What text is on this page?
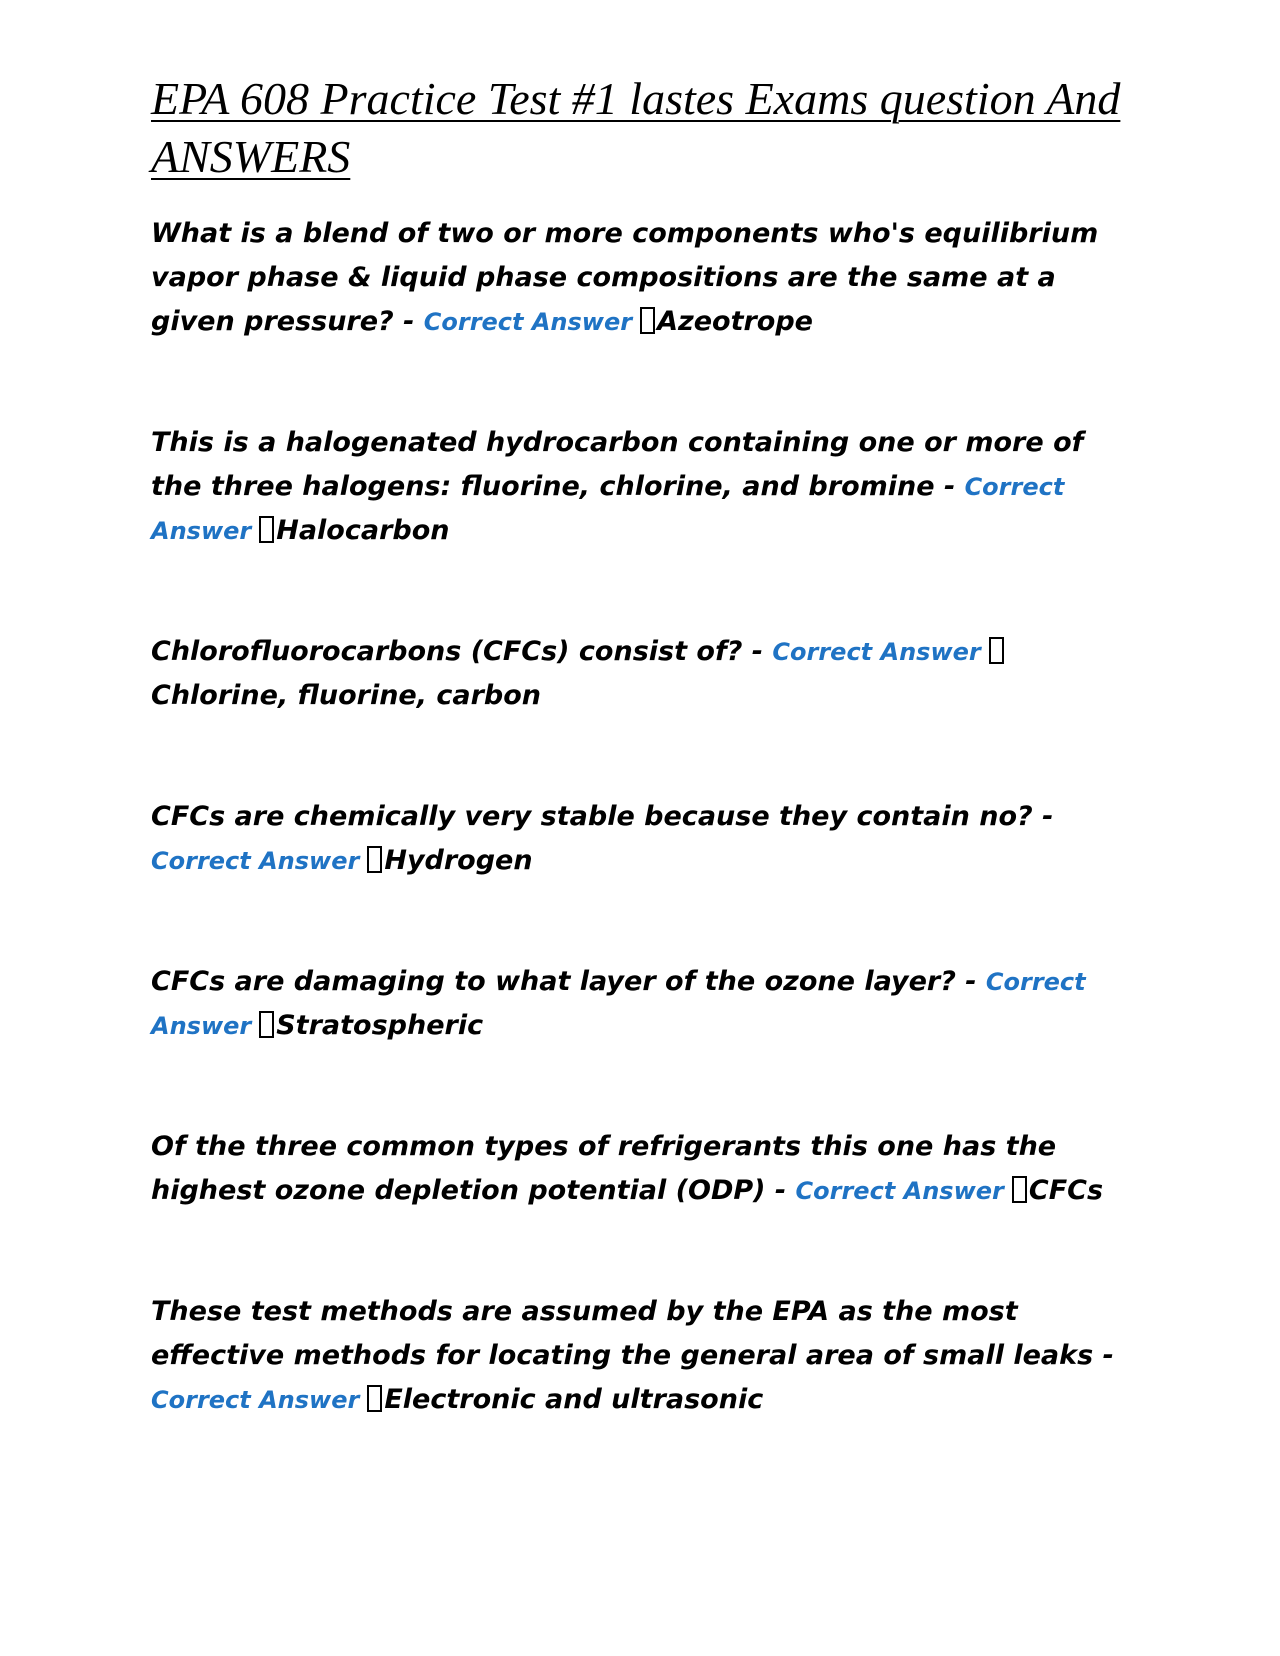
EPA 608 Practice Test #1 lastes Exams question And ANSWERS

What is a blend of two or more components who's equilibrium vapor phase & liquid phase compositions are the same at a given pressure? - Correct Answer Azeotrope

This is a halogenated hydrocarbon containing one or more of the three halogens: fluorine, chlorine, and bromine - Correct Answer Halocarbon

Chlorofluorocarbons (CFCs) consist of? - Correct AnswerChlorine, fluorine, carbon

CFCs are chemically very stable because they contain no? - Correct Answer Hydrogen

CFCs are damaging to what layer of the ozone layer? - Correct Answer Stratospheric

Of the three common types of refrigerants this one has the highest ozone depletion potential (ODP) - Correct Answer CFCs

These test methods are assumed by the EPA as the most effective methods for locating the general area of small leaks - Correct Answer Electronic and ultrasonic
